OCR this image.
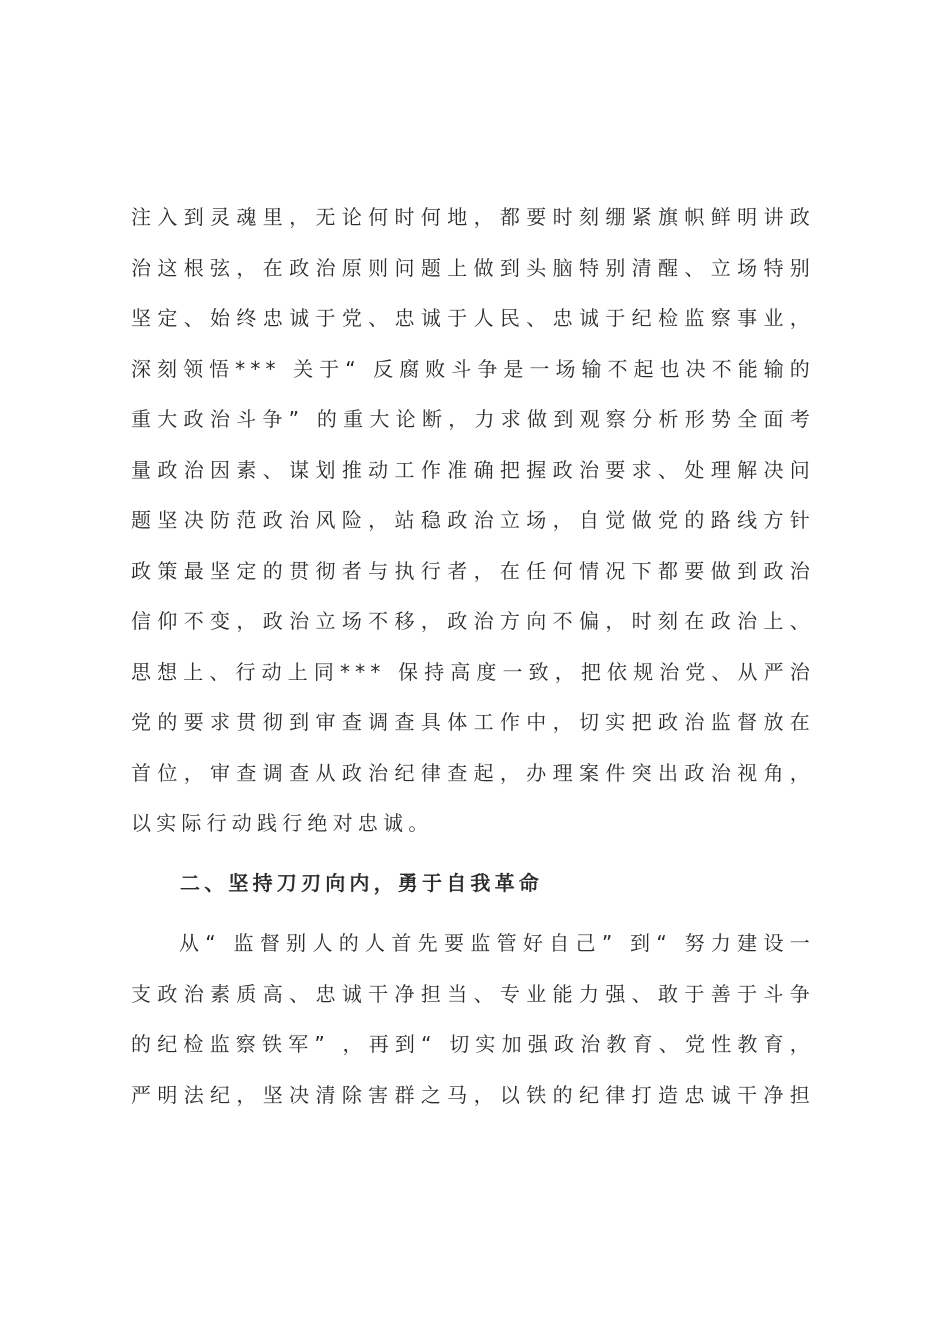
注入到灵魂里，无论何时何地，都要时刻绷紧旗帜鲜明讲政
治这根弦，在政治原则问题上做到头脑特别清醒、立场特别
坚定、始终忠诚于党、忠诚于人民、忠诚于纪检监察事业，
深刻领悟*** 关于“ 反腐败斗争是一场输不起也决不能输的
重大政治斗争” 的重大论断，力求做到观察分析形势全面考
量政治因素、谋划推动工作准确把握政治要求、处理解决问
题坚决防范政治风险，站稳政治立场，自觉做党的路线方针
政策最坚定的贯彻者与执行者，在任何情况下都要做到政治
信仰不变，政治立场不移，政治方向不偏，时刻在政治上、
思想上、行动上同*** 保持高度一致，把依规治党、从严治
党的要求贯彻到审查调查具体工作中，切实把政治监督放在
首位，审查调查从政治纪律查起，办理案件突出政治视角，
以实际行动践行绝对忠诚。
二、坚持刀刃向内，勇于自我革命
从“ 监督别人的人首先要监管好自己” 到“ 努力建设一
支政治素质高、忠诚干净担当、专业能力强、敢于善于斗争
的纪检监察铁军” ，再到“ 切实加强政治教育、党性教育，
严明法纪，坚决清除害群之马，以铁的纪律打造忠诚干净担
